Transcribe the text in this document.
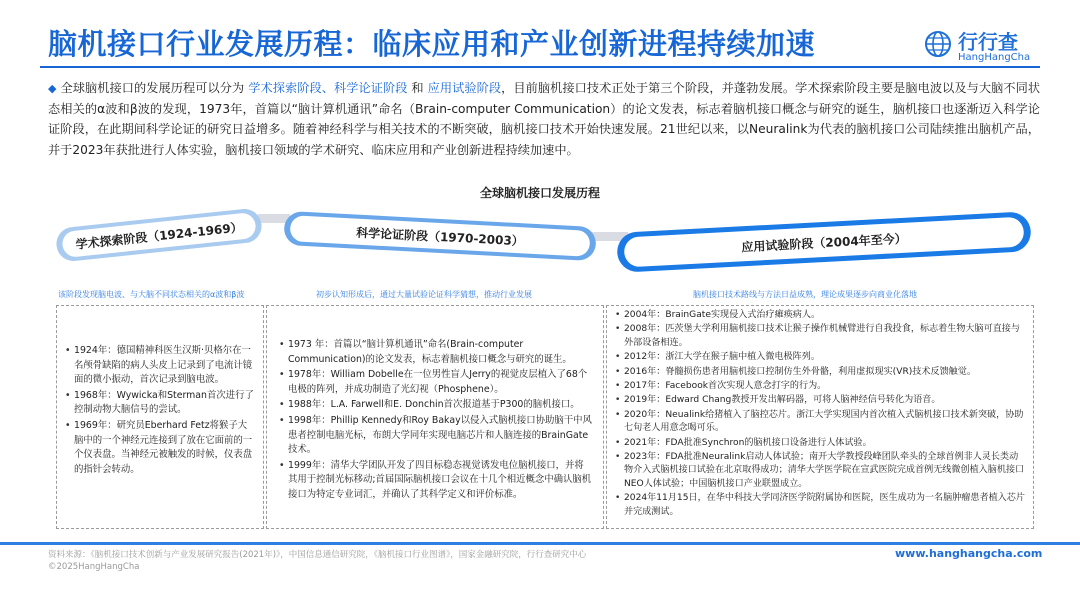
脑机接口行业发展历程：临床应用和产业创新进程持续加速	行行查
HangHangCha
◆ 全球脑机接口的发展历程可以分为 学术探索阶段、科学论证阶段 和 应用试验阶段，目前脑机接口技术正处于第三个阶段，并蓬勃发展。学术探索阶段主要是脑电波以及与大脑不同状态相关的α波和β波的发现，1973年，首篇以“脑计算机通讯”命名（Brain-computer Communication）的论文发表，标志着脑机接口概念与研究的诞生，脑机接口也逐渐迈入科学论证阶段，在此期间科学论证的研究日益增多。随着神经科学与相关技术的不断突破，脑机接口技术开始快速发展。21世纪以来，以Neuralink为代表的脑机接口公司陆续推出脑机产品，并于2023年获批进行人体实验，脑机接口领域的学术研究、临床应用和产业创新进程持续加速中。
全球脑机接口发展历程
学术探索阶段（1924-1969）	科学论证阶段（1970-2003）	应用试验阶段（2004年至今）
该阶段发现脑电波、与大脑不同状态相关的α波和β波	初步认知形成后，通过大量试验论证科学猜想，推动行业发展	脑机接口技术路线与方法日益成熟，理论成果逐步向商业化落地
• 1924年：德国精神科医生汉斯·贝格尔在一名颅骨缺陷的病人头皮上记录到了电流计镜面的微小振动，首次记录到脑电波。
• 1968年：Wywicka和Sterman首次进行了控制动物大脑信号的尝试。
• 1969年：研究员Eberhard Fetz将猴子大脑中的一个神经元连接到了放在它面前的一个仪表盘。当神经元被触发的时候，仪表盘的指针会转动。
• 1973 年：首篇以“脑计算机通讯”命名(Brain-computer Communication)的论文发表，标志着脑机接口概念与研究的诞生。
• 1978年：William Dobelle在一位男性盲人Jerry的视觉皮层植入了68个电极的阵列，并成功制造了光幻视（Phosphene）。
• 1988年：L.A. Farwell和E. Donchin首次报道基于P300的脑机接口。
• 1998年：Phillip Kennedy和Roy Bakay以侵入式脑机接口协助脑干中风患者控制电脑光标，布朗大学同年实现电脑芯片和人脑连接的BrainGate技术。
• 1999年：清华大学团队开发了四目标稳态视觉诱发电位脑机接口，并将其用于控制光标移动;首届国际脑机接口会议在十几个相近概念中确认脑机接口为特定专业词汇，并确认了其科学定义和评价标准。
• 2004年：BrainGate实现侵入式治疗瘫痪病人。
• 2008年：匹茨堡大学利用脑机接口技术让猴子操作机械臂进行自我投食，标志着生物大脑可直接与外部设备相连。
• 2012年：浙江大学在猴子脑中植入微电极阵列。
• 2016年：脊髓损伤患者用脑机接口控制仿生外骨骼，利用虚拟现实(VR)技术反馈触觉。
• 2017年：Facebook首次实现人意念打字的行为。
• 2019年：Edward Chang教授开发出解码器，可将人脑神经信号转化为语音。
• 2020年：Neualink给猪植入了脑控芯片。浙江大学实现国内首次植入式脑机接口技术新突破，协助七旬老人用意念喝可乐。
• 2021年：FDA批准Synchron的脑机接口设备进行人体试验。
• 2023年：FDA批准Neuralink启动人体试验；南开大学教授段峰团队牵头的全球首例非人灵长类动物介入式脑机接口试验在北京取得成功；清华大学医学院在宣武医院完成首例无线微创植入脑机接口NEO人体试验；中国脑机接口产业联盟成立。
• 2024年11月15日，在华中科技大学同济医学院附属协和医院，医生成功为一名脑肿瘤患者植入芯片并完成测试。
资料来源：《脑机接口技术创新与产业发展研究报告(2021年)》，中国信息通信研究院，《脑机接口行业图谱》，国家金融研究院，行行查研究中心
©2025HangHangCha
www.hanghangcha.com
